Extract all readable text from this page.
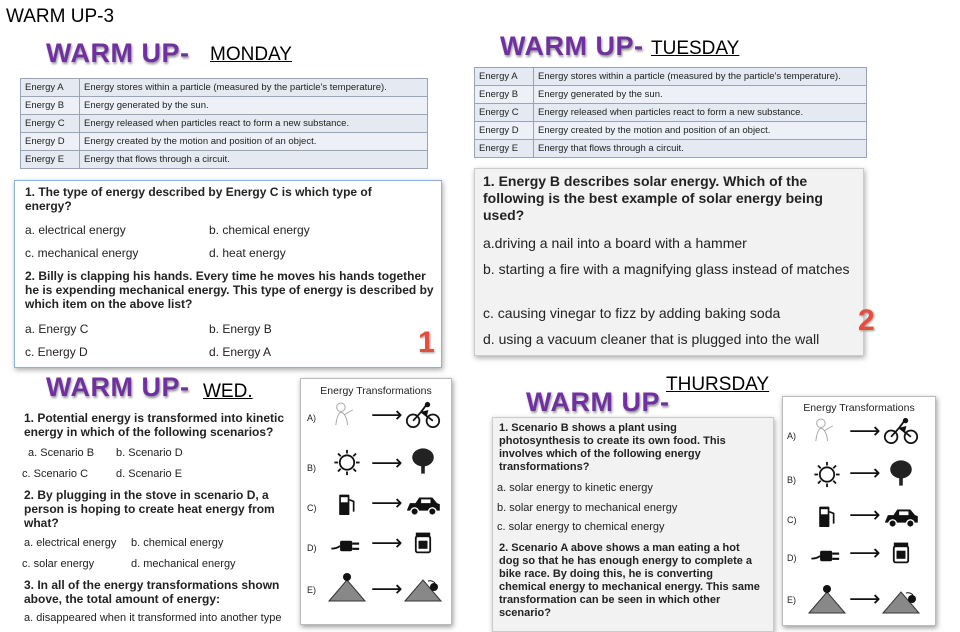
WARM UP-3
WARM UP- MONDAY
Energy A	Energy stores within a particle (measured by the particle's temperature).
Energy B	Energy generated by the sun.
Energy C	Energy released when particles react to form a new substance.
Energy D	Energy created by the motion and position of an object.
Energy E	Energy that flows through a circuit.
1. The type of energy described by Energy C is which type of energy?
a. electrical energy	b. chemical energy
c. mechanical energy	d. heat energy
2. Billy is clapping his hands. Every time he moves his hands together he is expending mechanical energy. This type of energy is described by which item on the above list?
a. Energy C	b. Energy B
c. Energy D	d. Energy A	1
WARM UP- TUESDAY
Energy A	Energy stores within a particle (measured by the particle's temperature).
Energy B	Energy generated by the sun.
Energy C	Energy released when particles react to form a new substance.
Energy D	Energy created by the motion and position of an object.
Energy E	Energy that flows through a circuit.
1. Energy B describes solar energy. Which of the following is the best example of solar energy being used?
a.driving a nail into a board with a hammer
b. starting a fire with a magnifying glass instead of matches
c. causing vinegar to fizz by adding baking soda
d. using a vacuum cleaner that is plugged into the wall
2
WARM UP- WED.
1. Potential energy is transformed into kinetic energy in which of the following scenarios?
a. Scenario B b. Scenario D
c. Scenario C	d. Scenario E
2. By plugging in the stove in scenario D, a person is hoping to create heat energy from what?
a. electrical energy b. chemical energy
c. solar energy	d. mechanical energy
3. In all of the energy transformations shown above, the total amount of energy:
a. disappeared when it transformed into another type
Energy Transformations
A)	⟶
B)	⟶
C) ⟶
D) ⟶
E)	⟶
THURSDAY
WARM UP-
1. Scenario B shows a plant using photosynthesis to create its own food. This involves which of the following energy transformations?
a. solar energy to kinetic energy
b. solar energy to mechanical energy
c. solar energy to chemical energy
2. Scenario A above shows a man eating a hot dog so that he has enough energy to complete a bike race. By doing this, he is converting chemical energy to mechanical energy. This same transformation can be seen in which other scenario?
Energy Transformations
A) ⟶
B) ⟶
C) ⟶
D) ⟶
E) ⟶
